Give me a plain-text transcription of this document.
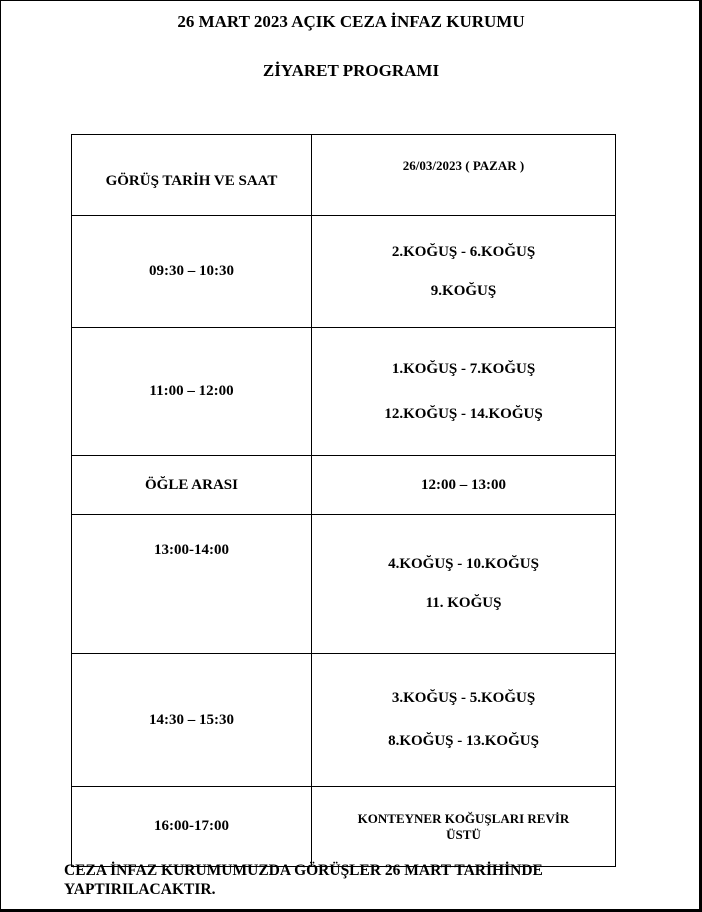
26 MART 2023 AÇIK CEZA İNFAZ KURUMU
ZİYARET PROGRAMI
GÖRÜŞ TARİH VE SAAT	26/03/2023 ( PAZAR )
09:30 – 10:30	2.KOĞUŞ - 6.KOĞUŞ
9.KOĞUŞ

11:00 – 12:00	1.KOĞUŞ - 7.KOĞUŞ
12.KOĞUŞ - 14.KOĞUŞ

ÖĞLE ARASI	12:00 – 13:00

13:00-14:00	4.KOĞUŞ - 10.KOĞUŞ
11. KOĞUŞ

14:30 – 15:30	3.KOĞUŞ - 5.KOĞUŞ
8.KOĞUŞ - 13.KOĞUŞ

16:00-17:00	KONTEYNER KOĞUŞLARI REVİR ÜSTÜ
CEZA İNFAZ KURUMUMUZDA GÖRÜŞLER 26 MART TARİHİNDE YAPTIRILACAKTIR.
